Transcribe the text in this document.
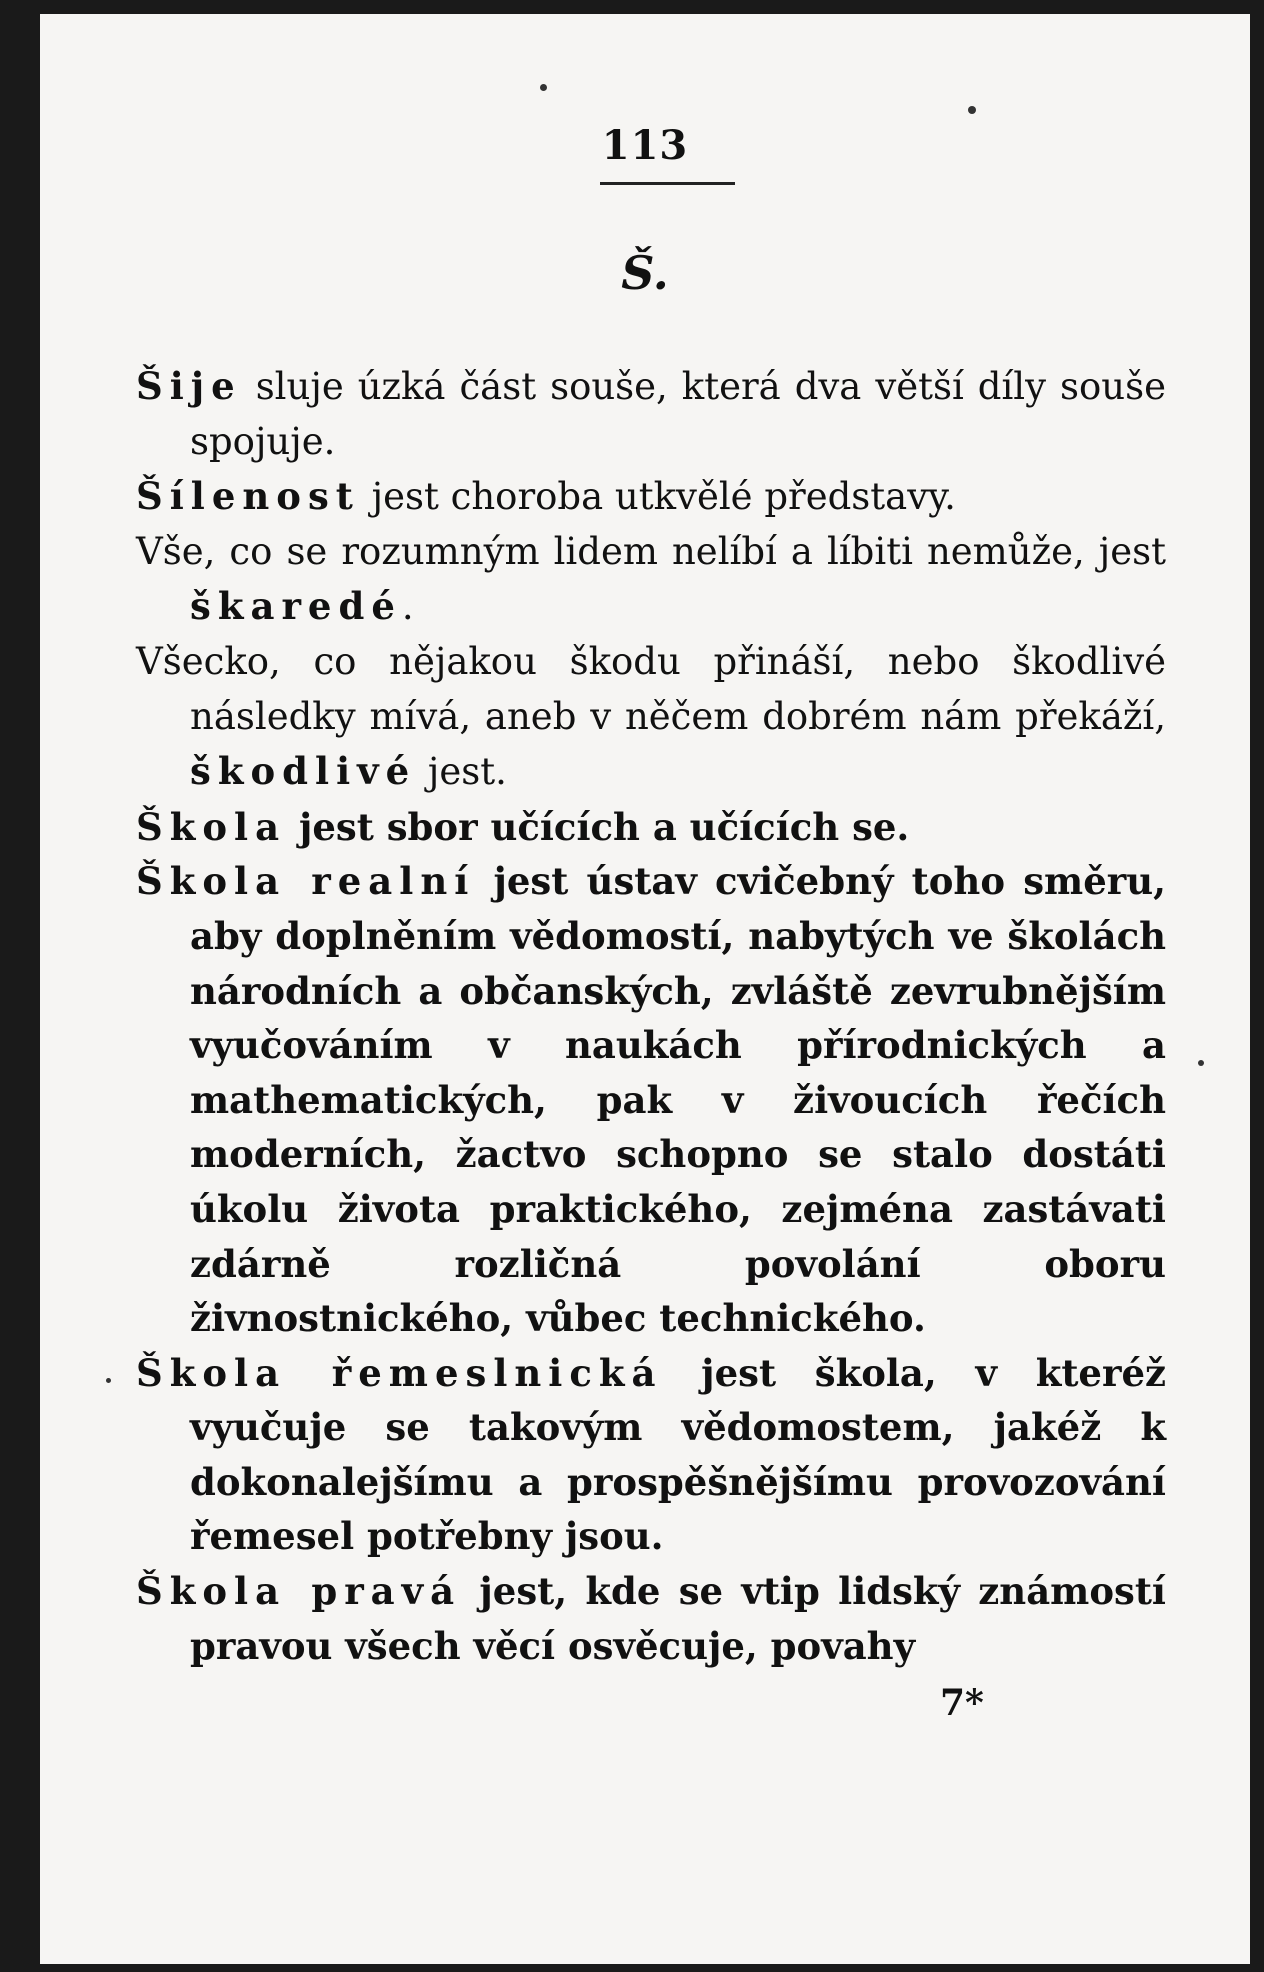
113
Š.

Šije sluje úzká část souše, která dva větší díly souše spojuje.

Šílenost jest choroba utkvělé představy.

Vše, co se rozumným lidem nelíbí a líbiti nemůže, jest škaredé.

Všecko, co nějakou škodu přináší, nebo škodlivé následky mívá, aneb v něčem dobrém nám překáží, škodlivé jest.

Škola jest sbor učících a učících se.

Škola realní jest ústav cvičebný toho směru, aby doplněním vědomostí, nabytých ve školách národních a občanských, zvláště zevrubnějším vyučováním v naukách přírodnických a mathematických, pak v živoucích řečích moderních, žactvo schopno se stalo dostáti úkolu života praktického, zejména zastávati zdárně rozličná povolání oboru živnostnického, vůbec technického.

Škola řemeslnická jest škola, v kteréž vyučuje se takovým vědomostem, jakéž k dokonalejšímu a prospěšnějšímu provozování řemesel potřebny jsou.

Škola pravá jest, kde se vtip lidský známostí pravou všech věcí osvěcuje, povahy

7*
